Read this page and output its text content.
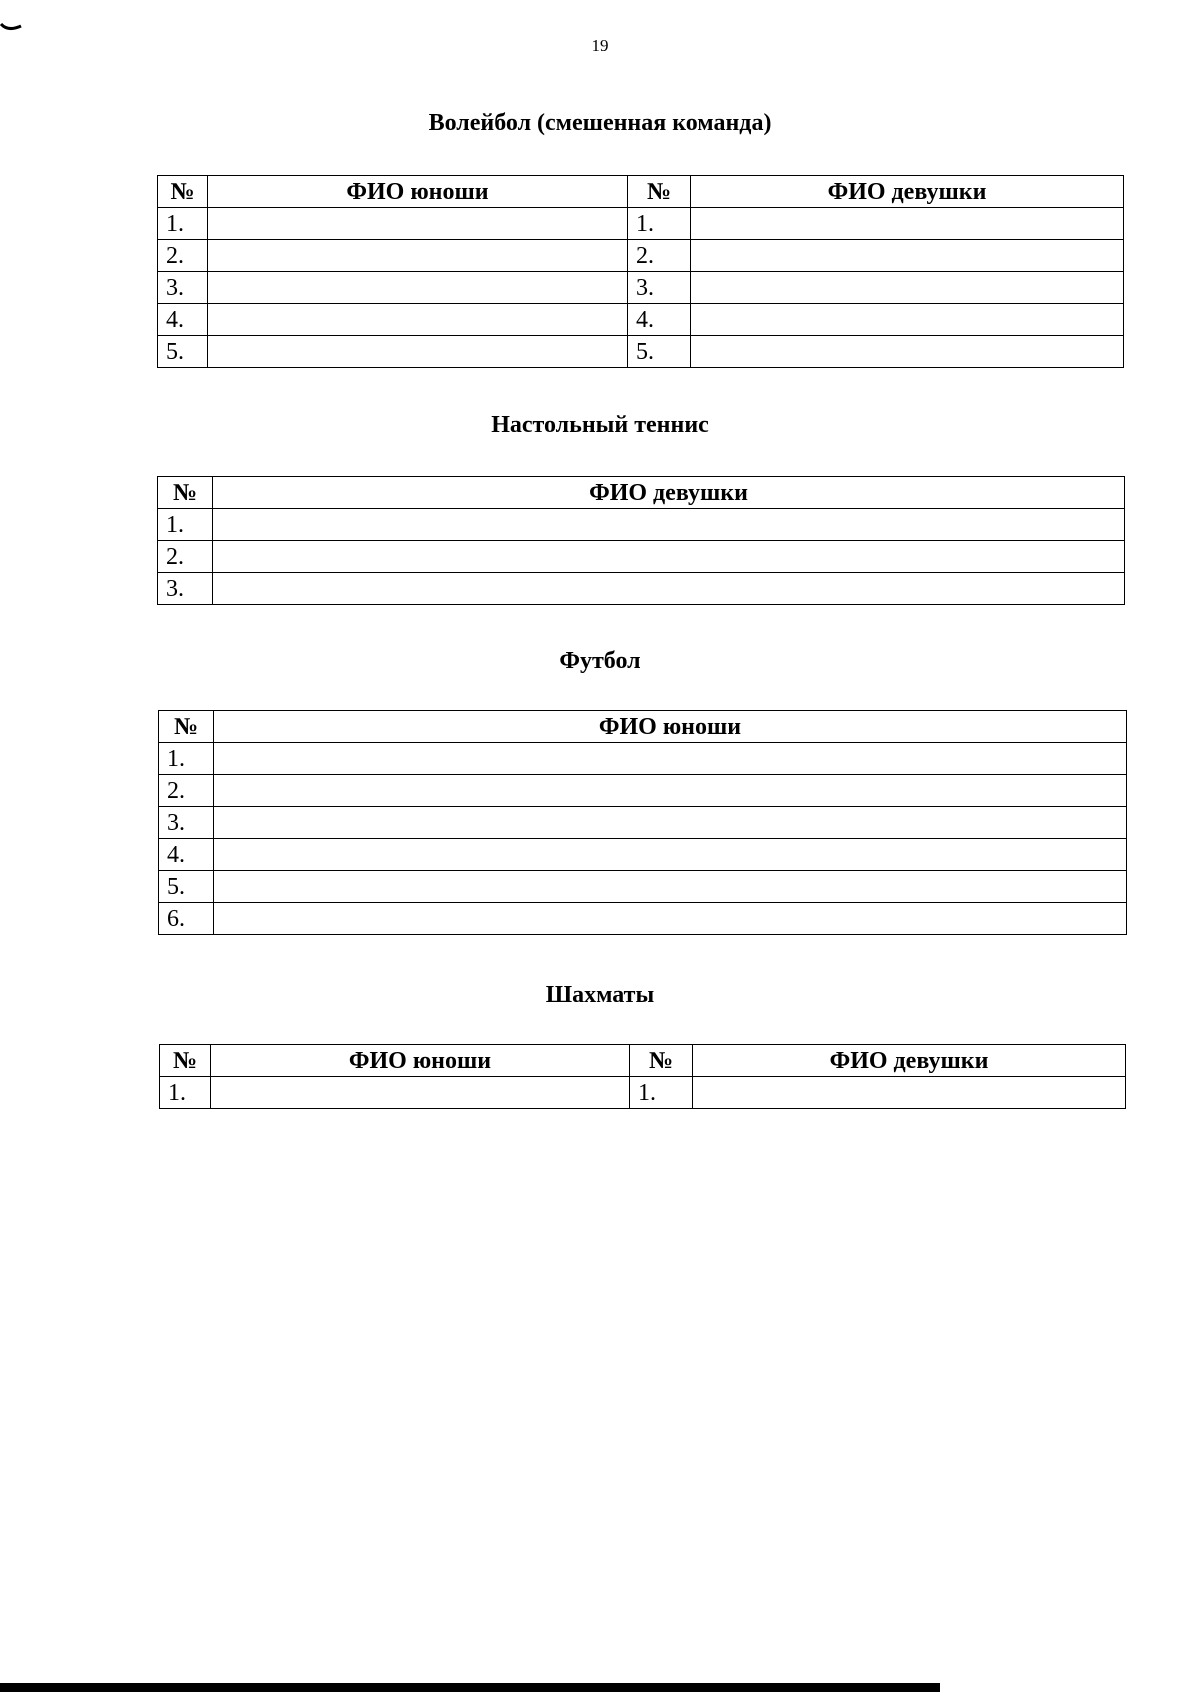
19
Волейбол (смешенная команда)
№	ФИО юноши	№	ФИО девушки
1.		1.	
2.		2.	
3.		3.	
4.		4.	
5.		5.	
Настольный теннис
№	ФИО девушки
1.	
2.	
3.	
Футбол
№	ФИО юноши
1.	
2.	
3.	
4.	
5.	
6.	
Шахматы
№	ФИО юноши	№	ФИО девушки
1.		1.	
